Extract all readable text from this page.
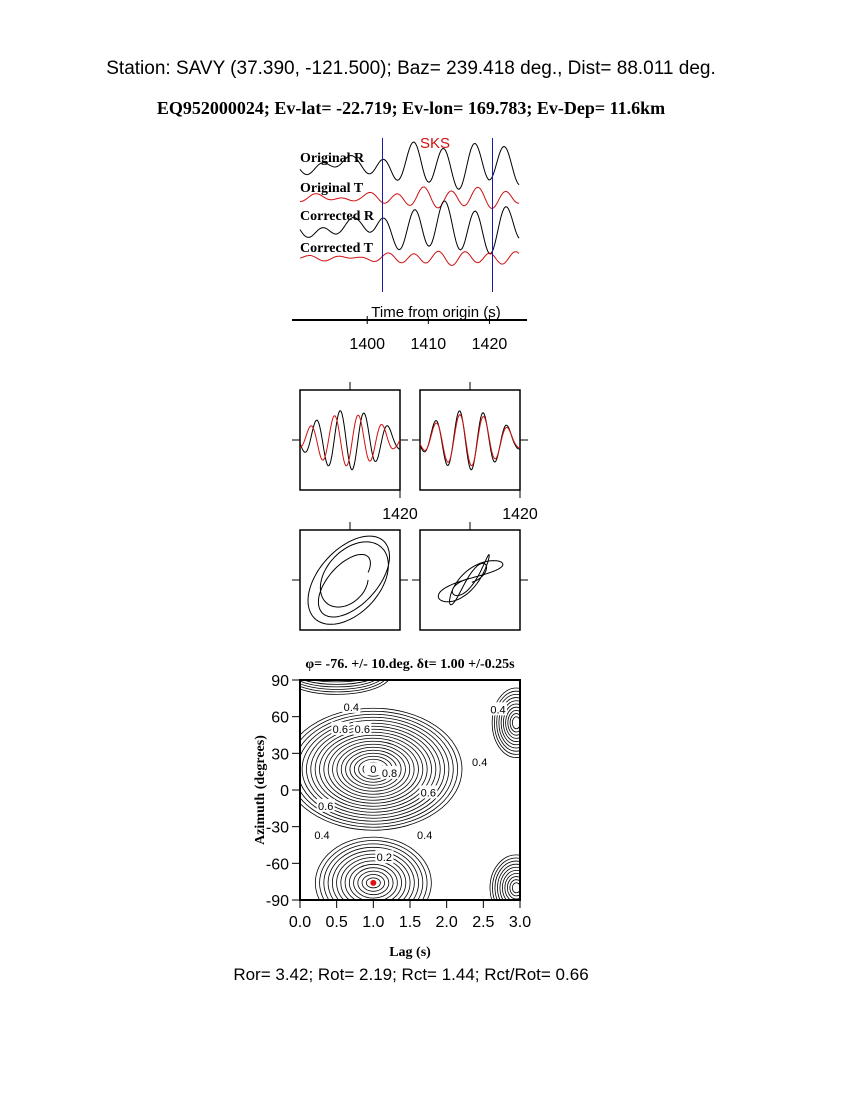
Station: SAVY (37.390, -121.500); Baz= 239.418 deg., Dist= 88.011 deg.
EQ952000024; Ev-lat= -22.719; Ev-lon= 169.783; Ev-Dep= 11.6km
SKS
Original R
Original T
Corrected R
Corrected T
Time from origin (s)
1400 1410 1420
1420	1420
φ= -76. +/- 10.deg. δt= 1.00 +/-0.25s
Azimuth (degrees)
Lag (s)
0.4
0.6 0.6
0.4
0.4
0 0.8
0.6
0.6
0.4	0.4
0.2
-90
-60
-30
0
30
60
90
0.0 0.5 1.0 1.5 2.0 2.5 3.0
Ror= 3.42; Rot= 2.19; Rct= 1.44; Rct/Rot= 0.66
